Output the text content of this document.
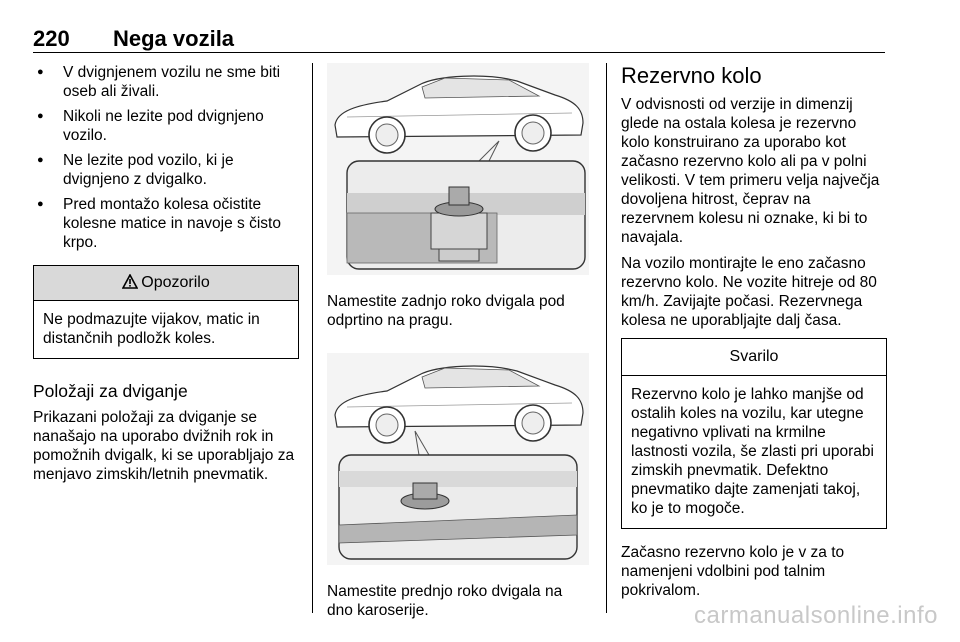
220 Nega vozila
● V dvignjenem vozilu ne sme biti oseb ali živali.
● Nikoli ne lezite pod dvignjeno vozilo.
● Ne lezite pod vozilo, ki je dvignjeno z dvigalko.
● Pred montažo kolesa očistite kolesne matice in navoje s čisto krpo.
Opozorilo
Ne podmazujte vijakov, matic in distančnih podložk koles.
Položaji za dviganje

Prikazani položaji za dviganje se nanašajo na uporabo dvižnih rok in pomožnih dvigalk, ki se uporabljajo za menjavo zimskih/letnih pnevmatik.

Namestite zadnjo roko dvigala pod odprtino na pragu.

Namestite prednjo roko dvigala na dno karoserije.

Rezervno kolo

V odvisnosti od verzije in dimenzij glede na ostala kolesa je rezervno kolo konstruirano za uporabo kot začasno rezervno kolo ali pa v polni velikosti. V tem primeru velja največja dovoljena hitrost, čeprav na rezervnem kolesu ni oznake, ki bi to navajala.

Na vozilo montirajte le eno začasno rezervno kolo. Ne vozite hitreje od 80 km/h. Zavijajte počasi. Rezervnega kolesa ne uporabljajte dalj časa.

Svarilo
Rezervno kolo je lahko manjše od ostalih koles na vozilu, kar utegne negativno vplivati na krmilne lastnosti vozila, še zlasti pri uporabi zimskih pnevmatik. Defektno pnevmatiko dajte zamenjati takoj, ko je to mogoče.

Začasno rezervno kolo je v za to namenjeni vdolbini pod talnim pokrivalom.

carmanualsonline.info
